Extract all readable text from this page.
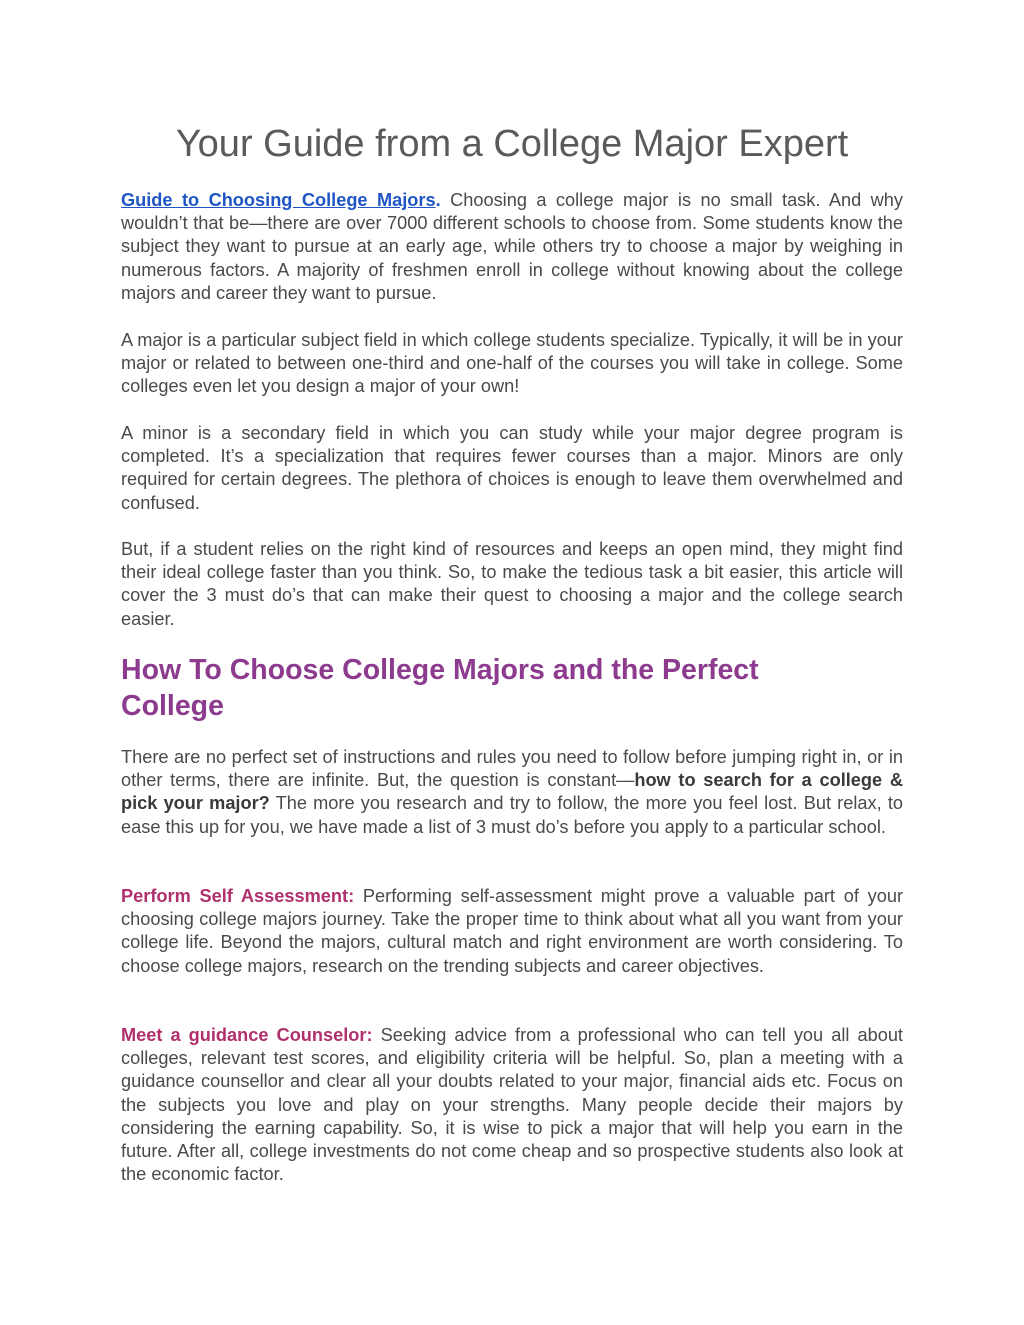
Your Guide from a College Major Expert

Guide to Choosing College Majors. Choosing a college major is no small task. And why wouldn’t that be—there are over 7000 different schools to choose from. Some students know the subject they want to pursue at an early age, while others try to choose a major by weighing in numerous factors. A majority of freshmen enroll in college without knowing about the college majors and career they want to pursue.

A major is a particular subject field in which college students specialize. Typically, it will be in your major or related to between one-third and one-half of the courses you will take in college. Some colleges even let you design a major of your own!

A minor is a secondary field in which you can study while your major degree program is completed. It’s a specialization that requires fewer courses than a major. Minors are only required for certain degrees. The plethora of choices is enough to leave them overwhelmed and confused.

But, if a student relies on the right kind of resources and keeps an open mind, they might find their ideal college faster than you think. So, to make the tedious task a bit easier, this article will cover the 3 must do’s that can make their quest to choosing a major and the college search easier.

How To Choose College Majors and the Perfect
College

There are no perfect set of instructions and rules you need to follow before jumping right in, or in other terms, there are infinite. But, the question is constant—how to search for a college & pick your major? The more you research and try to follow, the more you feel lost. But relax, to ease this up for you, we have made a list of 3 must do’s before you apply to a particular school.

Perform Self Assessment: Performing self-assessment might prove a valuable part of your choosing college majors journey. Take the proper time to think about what all you want from your college life. Beyond the majors, cultural match and right environment are worth considering. To choose college majors, research on the trending subjects and career objectives.

Meet a guidance Counselor: Seeking advice from a professional who can tell you all about colleges, relevant test scores, and eligibility criteria will be helpful. So, plan a meeting with a guidance counsellor and clear all your doubts related to your major, financial aids etc. Focus on the subjects you love and play on your strengths. Many people decide their majors by considering the earning capability. So, it is wise to pick a major that will help you earn in the future. After all, college investments do not come cheap and so prospective students also look at the economic factor.
